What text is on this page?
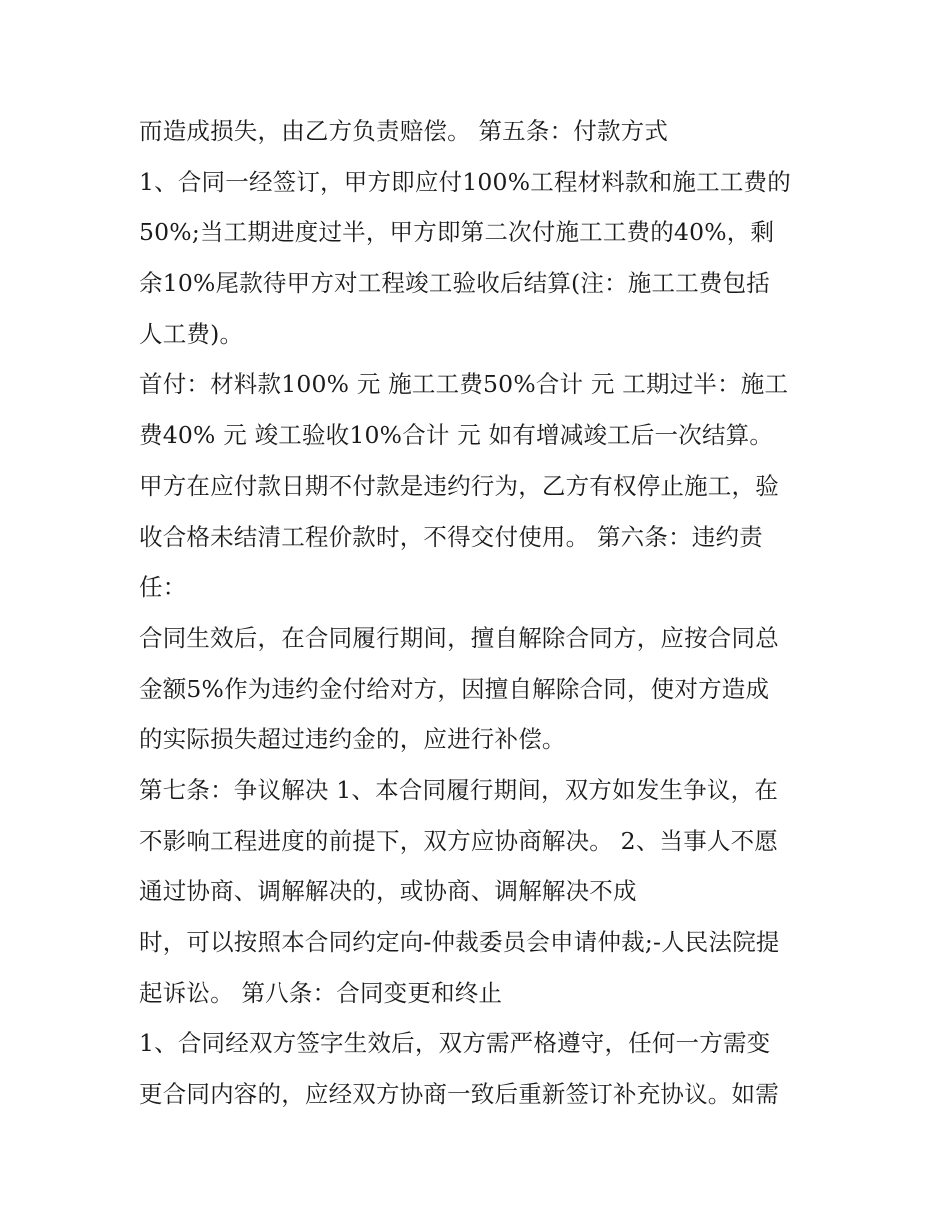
而造成损失，由乙方负责赔偿。 第五条：付款方式
1、合同一经签订，甲方即应付100%工程材料款和施工工费的
50%;当工期进度过半，甲方即第二次付施工工费的40%，剩
余10%尾款待甲方对工程竣工验收后结算(注：施工工费包括
人工费)。
首付：材料款100% 元 施工工费50%合计 元 工期过半：施工
费40% 元 竣工验收10%合计 元 如有增减竣工后一次结算。
甲方在应付款日期不付款是违约行为，乙方有权停止施工，验
收合格未结清工程价款时，不得交付使用。 第六条：违约责
任：
合同生效后，在合同履行期间，擅自解除合同方，应按合同总
金额5%作为违约金付给对方，因擅自解除合同，使对方造成
的实际损失超过违约金的，应进行补偿。
第七条：争议解决 1、本合同履行期间，双方如发生争议，在
不影响工程进度的前提下，双方应协商解决。 2、当事人不愿
通过协商、调解解决的，或协商、调解解决不成
时，可以按照本合同约定向-仲裁委员会申请仲裁;-人民法院提
起诉讼。 第八条：合同变更和终止
1、合同经双方签字生效后，双方需严格遵守，任何一方需变
更合同内容的，应经双方协商一致后重新签订补充协议。如需
